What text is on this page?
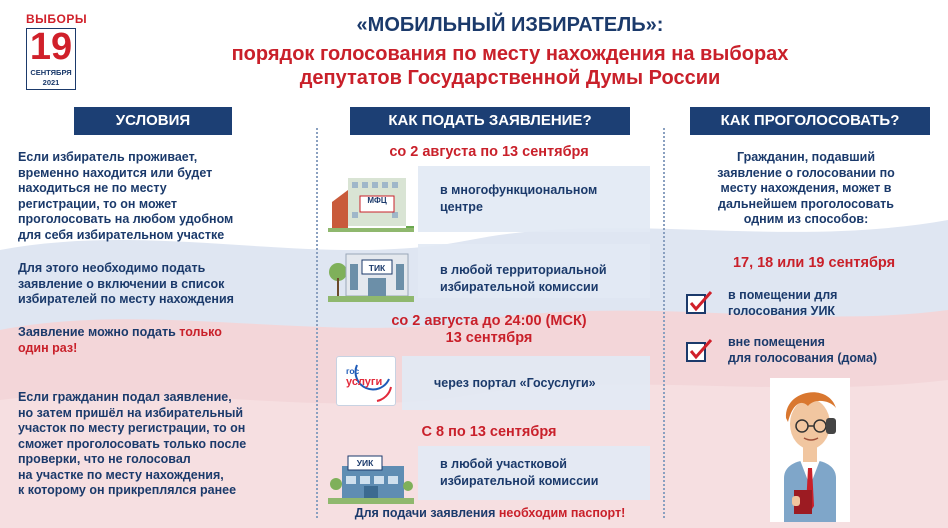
ВЫБОРЫ
19
СЕНТЯБРЯ
2021
«МОБИЛЬНЫЙ ИЗБИРАТЕЛЬ»:
порядок голосования по месту нахождения на выборах
депутатов Государственной Думы России
УСЛОВИЯ	КАК ПОДАТЬ ЗАЯВЛЕНИЕ?	КАК ПРОГОЛОСОВАТЬ?
Если избиратель проживает,
временно находится или будет
находиться не по месту
регистрации, то он может
проголосовать на любом удобном
для себя избирательном участке
Для этого необходимо подать
заявление о включении в список
избирателей по месту нахождения
Заявление можно подать только
один раз!
Если гражданин подал заявление,
но затем пришёл на избирательный
участок по месту регистрации, то он
сможет проголосовать только после
проверки, что не голосовал
на участке по месту нахождения,
к которому он прикреплялся ранее
со 2 августа по 13 сентября
МФЦ
в многофункциональном
центре
ТИК	в любой территориальной
избирательной комиссии
со 2 августа до 24:00 (МСК)
13 сентября
гос
услуги	через портал «Госуслуги»
С 8 по 13 сентября
УИК	в любой участковой
избирательной комиссии
Для подачи заявления необходим паспорт!
Гражданин, подавший
заявление о голосовании по
месту нахождения, может в
дальнейшем проголосовать
одним из способов:
17, 18 или 19 сентября
в помещении для
голосования УИК
вне помещения
для голосования (дома)
